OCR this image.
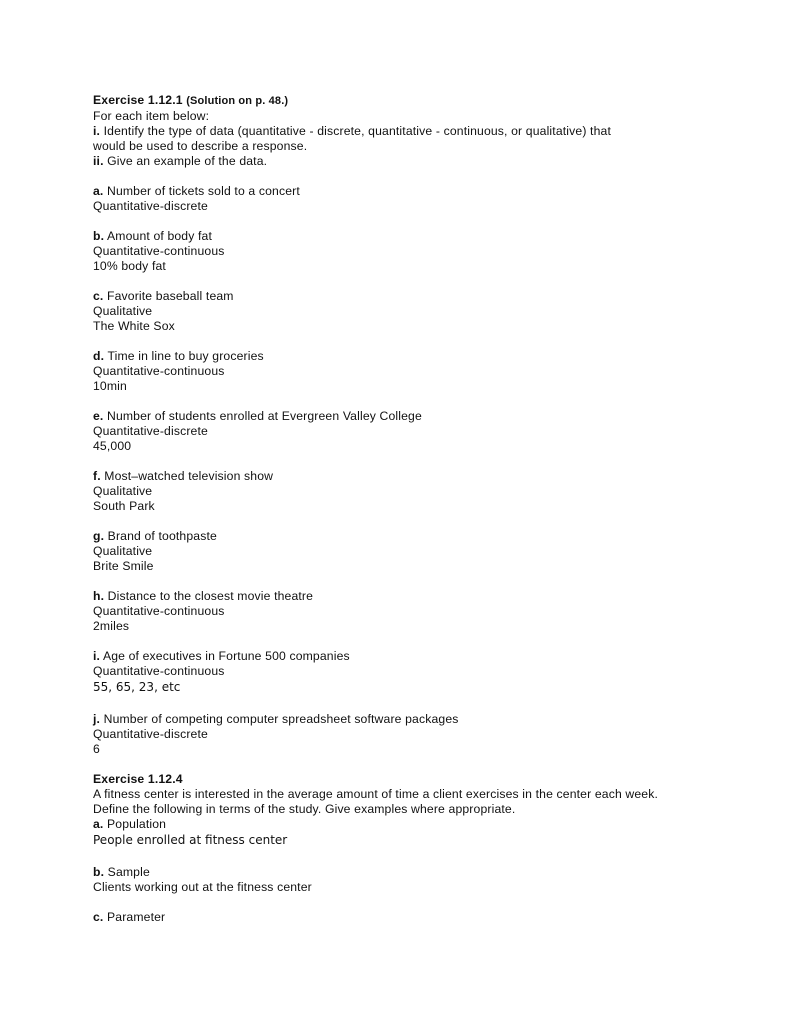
Exercise 1.12.1 (Solution on p. 48.)
For each item below:
i. Identify the type of data (quantitative - discrete, quantitative - continuous, or qualitative) that
would be used to describe a response.
ii. Give an example of the data.
a. Number of tickets sold to a concert
Quantitative-discrete
b. Amount of body fat
Quantitative-continuous
10% body fat
c. Favorite baseball team
Qualitative
The White Sox
d. Time in line to buy groceries
Quantitative-continuous
10min
e. Number of students enrolled at Evergreen Valley College
Quantitative-discrete
45,000
f. Most–watched television show
Qualitative
South Park
g. Brand of toothpaste
Qualitative
Brite Smile
h. Distance to the closest movie theatre
Quantitative-continuous
2miles
i. Age of executives in Fortune 500 companies
Quantitative-continuous
55, 65, 23, etc
j. Number of competing computer spreadsheet software packages
Quantitative-discrete
6
Exercise 1.12.4
A fitness center is interested in the average amount of time a client exercises in the center each week.
Define the following in terms of the study. Give examples where appropriate.
a. Population
People enrolled at fitness center
b. Sample
Clients working out at the fitness center
c. Parameter
